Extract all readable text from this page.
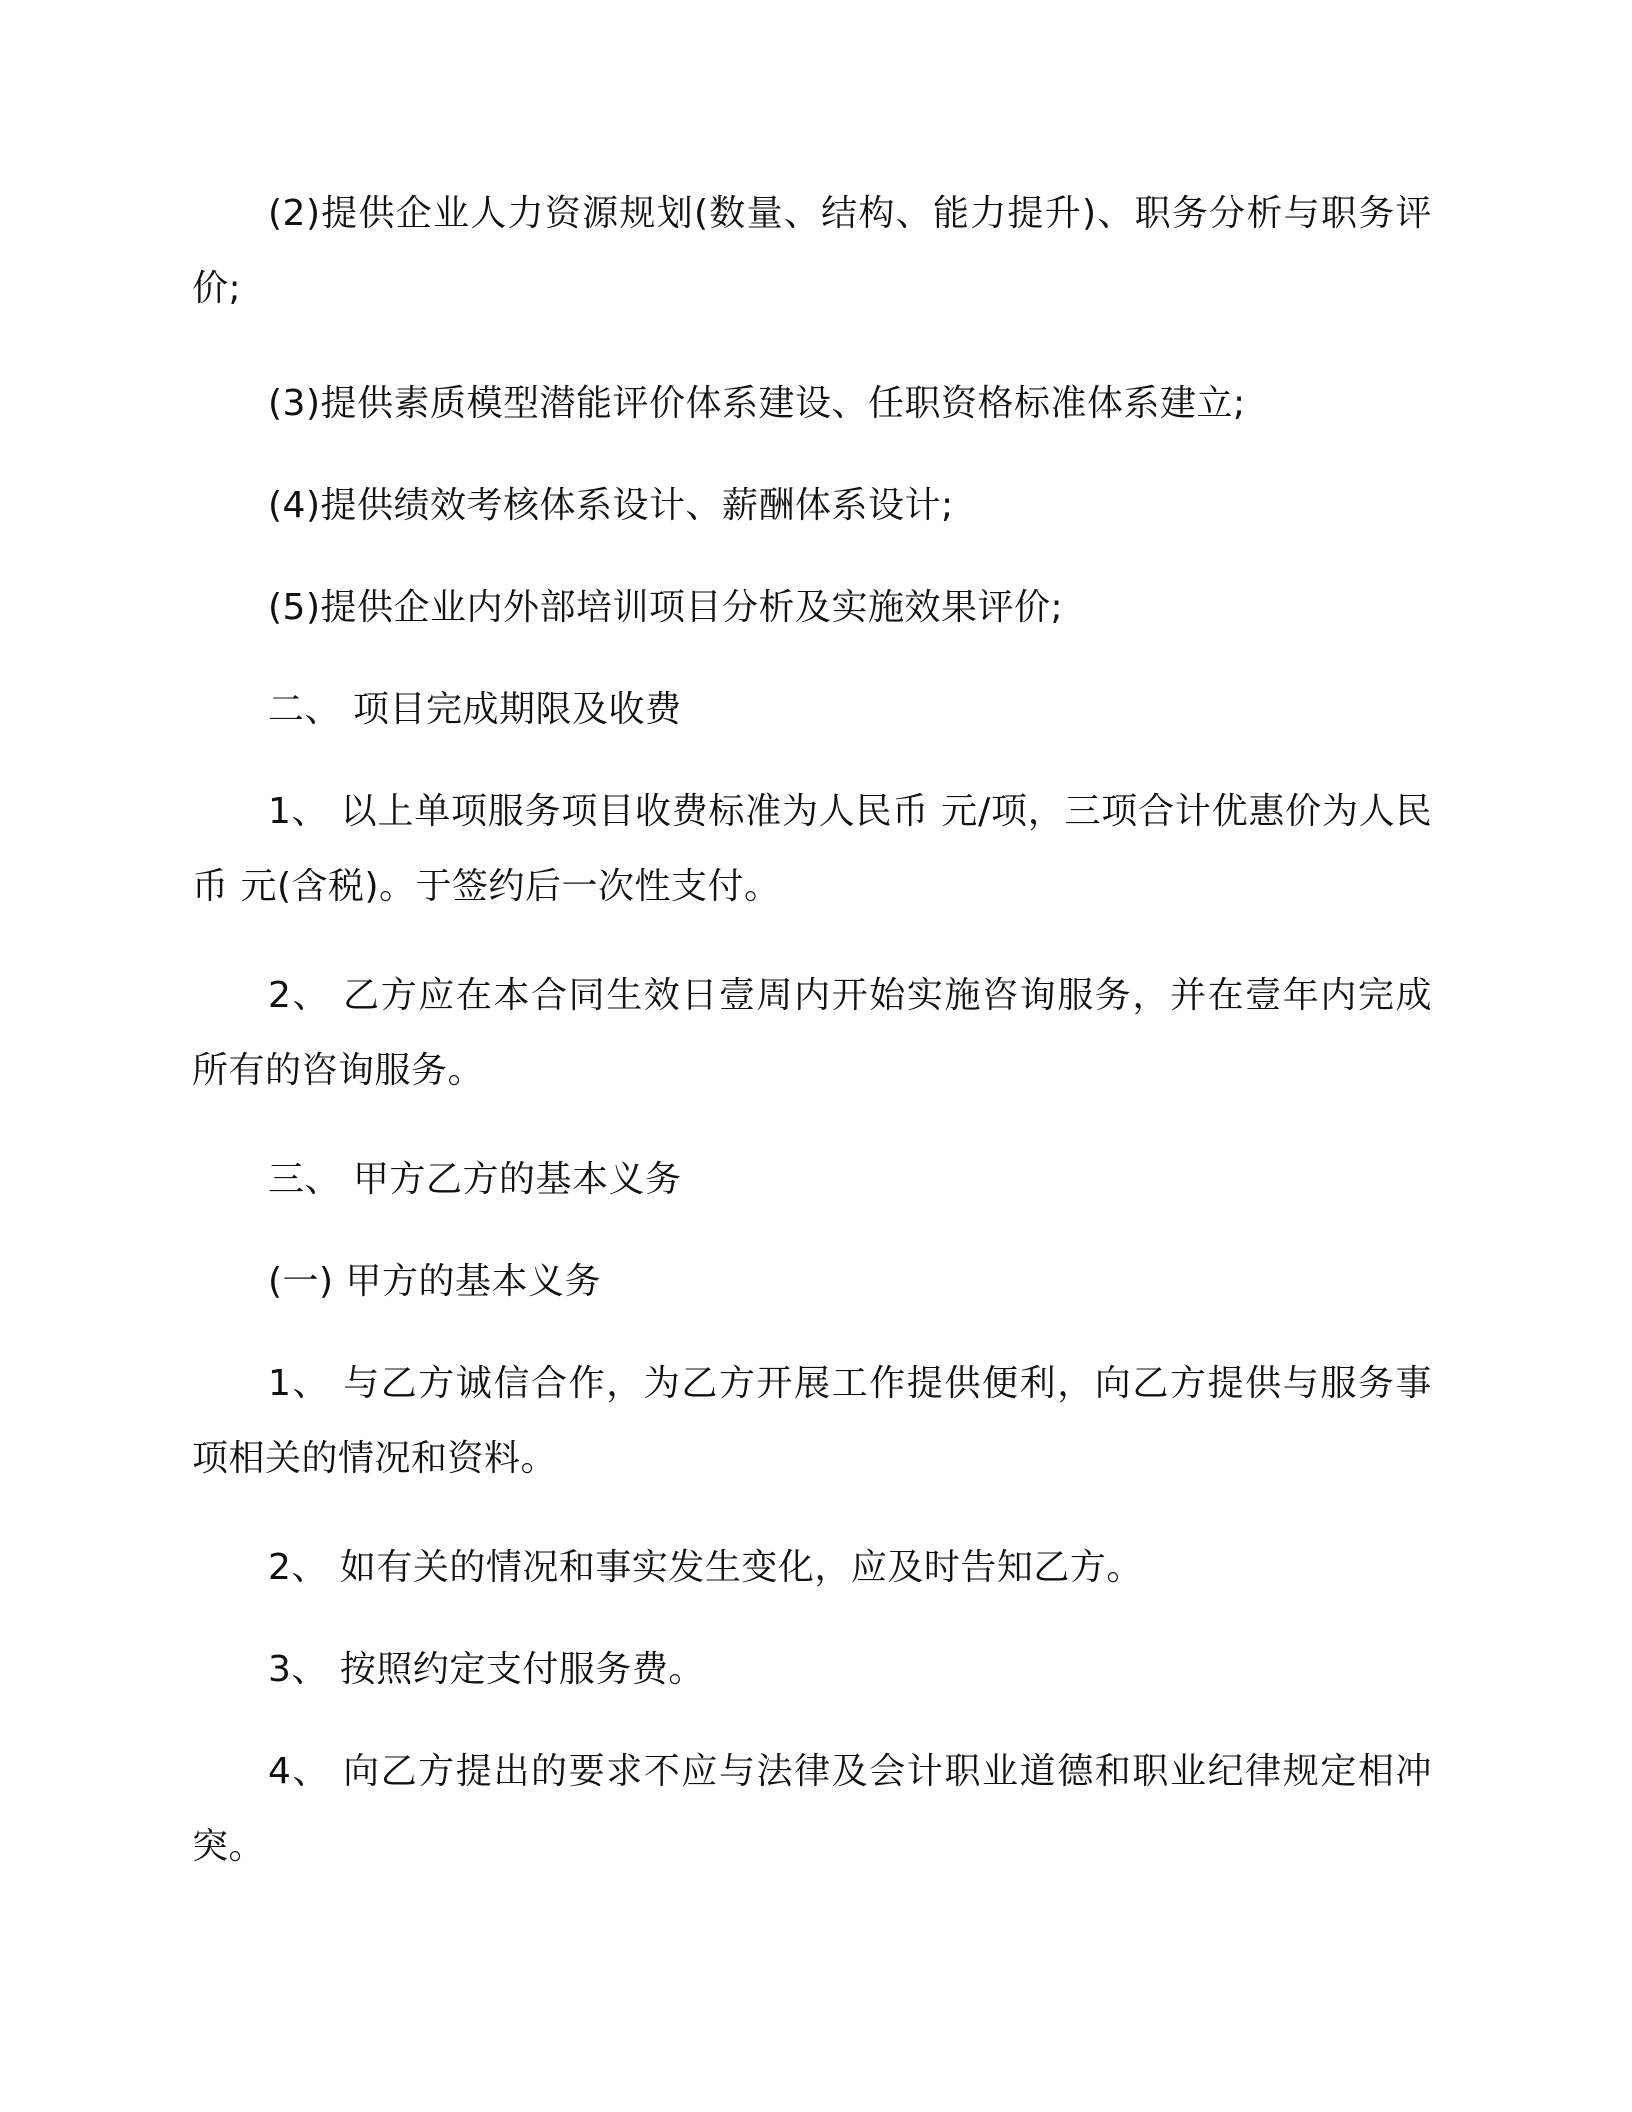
(2)提供企业人力资源规划(数量、结构、能力提升)、职务分析与职务评价;

(3)提供素质模型潜能评价体系建设、任职资格标准体系建立;

(4)提供绩效考核体系设计、薪酬体系设计;

(5)提供企业内外部培训项目分析及实施效果评价;

二、 项目完成期限及收费

1、 以上单项服务项目收费标准为人民币 元/项，三项合计优惠价为人民币 元(含税)。于签约后一次性支付。

2、 乙方应在本合同生效日壹周内开始实施咨询服务，并在壹年内完成所有的咨询服务。

三、 甲方乙方的基本义务

(一) 甲方的基本义务

1、 与乙方诚信合作，为乙方开展工作提供便利，向乙方提供与服务事项相关的情况和资料。

2、 如有关的情况和事实发生变化，应及时告知乙方。

3、 按照约定支付服务费。

4、 向乙方提出的要求不应与法律及会计职业道德和职业纪律规定相冲突。
